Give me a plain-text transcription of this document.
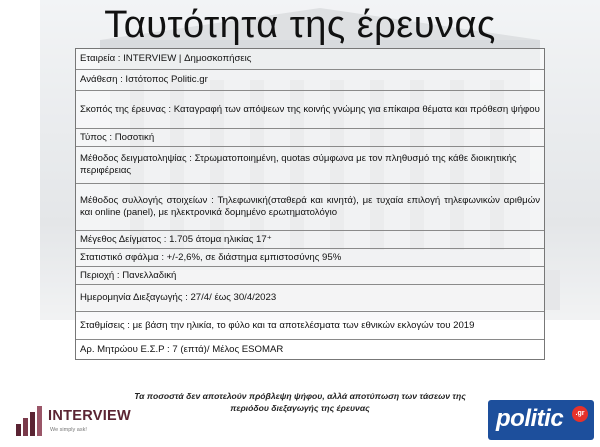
Ταυτότητα της έρευνας
Εταιρεία : INTERVIEW | Δημοσκοπήσεις
Ανάθεση : Ιστότοπος Politic.gr
Σκοπός της έρευνας : Καταγραφή των απόψεων της κοινής γνώμης για επίκαιρα θέματα και πρόθεση ψήφου
Τύπος : Ποσοτική
Μέθοδος δειγματοληψίας : Στρωματοποιημένη, quotas σύμφωνα με τον πληθυσμό της κάθε διοικητικής περιφέρειας
Μέθοδος συλλογής στοιχείων : Τηλεφωνική(σταθερά και κινητά), με τυχαία επιλογή τηλεφωνικών αριθμών και online (panel), με ηλεκτρονικά δομημένο ερωτηματολόγιο
Μέγεθος Δείγματος : 1.705 άτομα ηλικίας 17⁺
Στατιστικό σφάλμα : +/-2,6%, σε διάστημα εμπιστοσύνης 95%
Περιοχή : Πανελλαδική
Ημερομηνία Διεξαγωγής : 27/4/ έως 30/4/2023
Σταθμίσεις : με βάση την ηλικία, το φύλο και τα αποτελέσματα των εθνικών εκλογών του 2019
Αρ. Μητρώου Ε.Σ.Ρ : 7 (επτά)/ Μέλος ESOMAR
Τα ποσοστά δεν αποτελούν πρόβλεψη ψήφου, αλλά αποτύπωση των τάσεων της περιόδου διεξαγωγής της έρευνας
INTERVIEW
We simply ask!	politic	.gr
